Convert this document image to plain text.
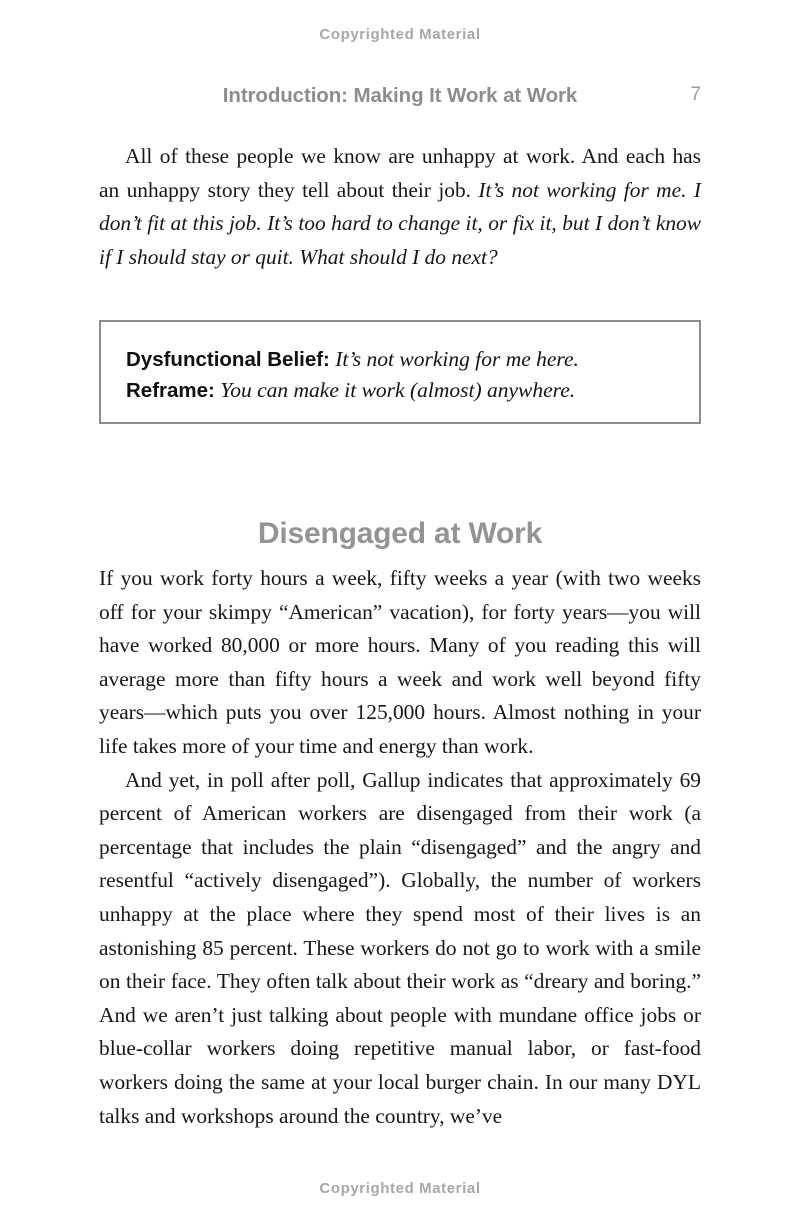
Copyrighted Material
Introduction: Making It Work at Work	7

All of these people we know are unhappy at work. And each has an unhappy story they tell about their job. It’s not working for me. I don’t fit at this job. It’s too hard to change it, or fix it, but I don’t know if I should stay or quit. What should I do next?

Dysfunctional Belief: It’s not working for me here.
Reframe: You can make it work (almost) anywhere.
Disengaged at Work

If you work forty hours a week, fifty weeks a year (with two weeks off for your skimpy “American” vacation), for forty years—you will have worked 80,000 or more hours. Many of you reading this will average more than fifty hours a week and work well beyond fifty years—which puts you over 125,000 hours. Almost nothing in your life takes more of your time and energy than work.

And yet, in poll after poll, Gallup indicates that approximately 69 percent of American workers are disengaged from their work (a percentage that includes the plain “disengaged” and the angry and resentful “actively disengaged”). Globally, the number of workers unhappy at the place where they spend most of their lives is an astonishing 85 percent. These workers do not go to work with a smile on their face. They often talk about their work as “dreary and boring.” And we aren’t just talking about people with mundane office jobs or blue-collar workers doing repetitive manual labor, or fast-food workers doing the same at your local burger chain. In our many DYL talks and workshops around the country, we’ve

Copyrighted Material
